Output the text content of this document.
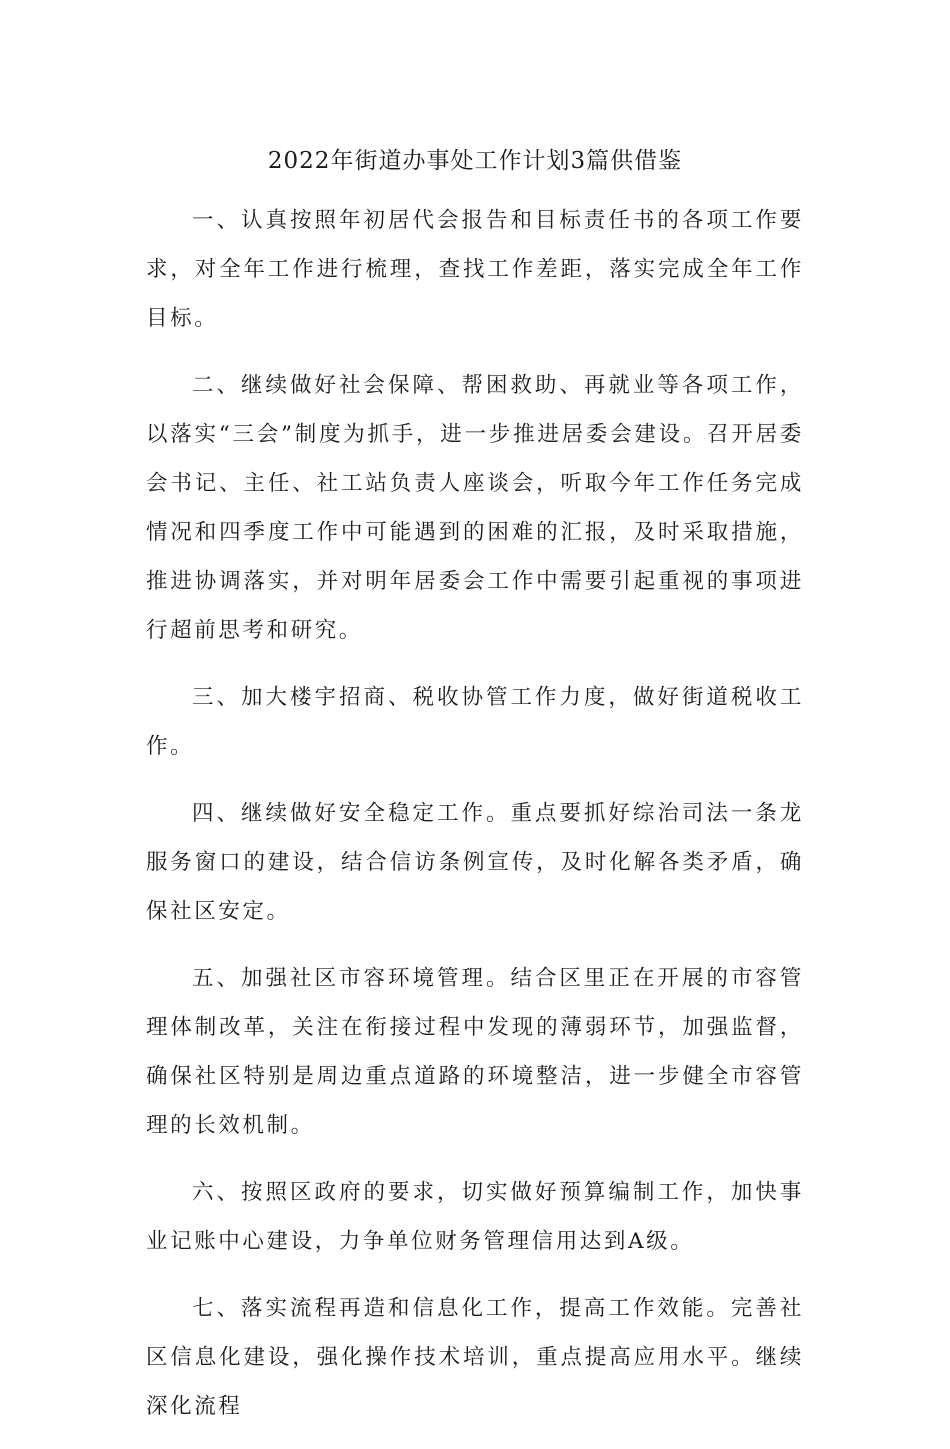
2022年街道办事处工作计划3篇供借鉴

一、认真按照年初居代会报告和目标责任书的各项工作要求，对全年工作进行梳理，查找工作差距，落实完成全年工作目标。

二、继续做好社会保障、帮困救助、再就业等各项工作，以落实“三会”制度为抓手，进一步推进居委会建设。召开居委会书记、主任、社工站负责人座谈会，听取今年工作任务完成情况和四季度工作中可能遇到的困难的汇报，及时采取措施，推进协调落实，并对明年居委会工作中需要引起重视的事项进行超前思考和研究。

三、加大楼宇招商、税收协管工作力度，做好街道税收工作。

四、继续做好安全稳定工作。重点要抓好综治司法一条龙服务窗口的建设，结合信访条例宣传，及时化解各类矛盾，确保社区安定。

五、加强社区市容环境管理。结合区里正在开展的市容管理体制改革，关注在衔接过程中发现的薄弱环节，加强监督，确保社区特别是周边重点道路的环境整洁，进一步健全市容管理的长效机制。

六、按照区政府的要求，切实做好预算编制工作，加快事业记账中心建设，力争单位财务管理信用达到A级。

七、落实流程再造和信息化工作，提高工作效能。完善社区信息化建设，强化操作技术培训，重点提高应用水平。继续深化流程
